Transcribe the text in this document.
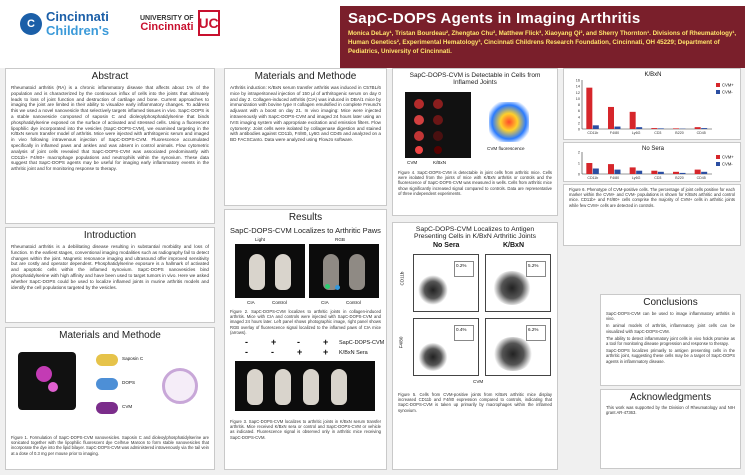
C Cincinnati
Children's
UNIVERSITY OF
Cincinnati UC	SapC-DOPS Agents in Imaging Arthritis
Monica DeLay¹, Tristan Bourdeau², Zhengtao Chu², Matthew Flick³, Xiaoyang Qi², and Sherry Thornton¹. Divisions of Rheumatology¹, Human Genetics², Experimental Hematology³, Cincinnati Childrens Research Foundation, Cincinnati, OH 45229; Department of Pediatrics, University of Cincinnati.
Abstract
Rheumatoid arthritis (RA) is a chronic inflammatory disease that affects about 1% of the population and is characterized by the continuous influx of cells into the joints that ultimately leads to loss of joint function and destruction of cartilage and bone. Current approaches to imaging the joint are limited in their ability to visualize early inflammatory changes. To address this we used a novel nanovesicle that selectively targets inflamed tissues in vivo. SapC-DOPS is a stable nanovesicle composed of saposin C and dioleoylphosphatidylserine that binds phosphatidylserine exposed on the surface of activated and stressed cells. Using a fluorescent lipophilic dye incorporated into the vesicles (SapC-DOPS-CVM), we examined targeting in the K/BxN serum transfer model of arthritis. Mice were injected with arthritogenic serum and imaged in vivo following intravenous injection of SapC-DOPS-CVM. Fluorescence accumulated specifically in inflamed paws and ankles and was absent in control animals. Flow cytometric analysis of joint cells revealed that SapC-DOPS-CVM was associated predominantly with CD11b+ F4/80+ macrophage populations and neutrophils within the synovium. These data suggest that SapC-DOPS agents may be useful for imaging early inflammatory events in the arthritic joint and for monitoring response to therapy.
Introduction
Rheumatoid arthritis is a debilitating disease resulting in substantial morbidity and loss of function. In the earliest stages, conventional imaging modalities such as radiography fail to detect changes within the joint. Magnetic resonance imaging and ultrasound offer improved sensitivity but are costly and operator dependent. Phosphatidylserine exposure is a hallmark of activated and apoptotic cells within the inflamed synovium. SapC-DOPS nanovesicles bind phosphatidylserine with high affinity and have been used to target tumors in vivo. Here we asked whether SapC-DOPS could be used to localize inflamed joints in murine arthritis models and identify the cell populations targeted by the vesicles.
Materials and Methode
Saposin C
DOPS
CVM
Figure 1. Formulation of SapC-DOPS-CVM nanovesicles. Saposin C and dioleoylphosphatidylserine are sonicated together with the lipophilic fluorescent dye CellVue Maroon to form stable nanovesicles that incorporate the dye into the lipid bilayer. SapC-DOPS-CVM was administered intravenously via the tail vein at a dose of 0.3 mg per mouse prior to imaging.
Materials and Methode
Arthritis induction: K/BxN serum transfer arthritis was induced in C57BL/6 mice by intraperitoneal injection of 150 µl of arthritogenic serum on day 0 and day 2. Collagen-induced arthritis (CIA) was induced in DBA/1 mice by immunization with bovine type II collagen emulsified in complete Freund's adjuvant with a boost on day 21. In vivo imaging: Mice were injected intravenously with SapC-DOPS-CVM and imaged 24 hours later using an IVIS imaging system with appropriate excitation and emission filters. Flow cytometry: Joint cells were isolated by collagenase digestion and stained with antibodies against CD11b, F4/80, Ly6G and CD45 and analyzed on a BD FACSCanto. Data were analyzed using FlowJo software.
Results
SapC-DOPS-CVM Localizes to Arthritic Paws
Light	RGB
CIA	Control	CIA	Control
Figure 2. SapC-DOPS-CVM localizes to arthritic joints in collagen-induced arthritis. Mice with CIA and controls were injected with SapC-DOPS-CVM and imaged 24 hours later. Left panel shows photographic image, right panel shows RGB overlay of fluorescence signal localized to the inflamed paws of CIA mice (arrows).
-	+ -	+ SapC-DOPS-CVM
-	-	+ + K/BxN Sera
Figure 3. SapC-DOPS-CVM localizes to arthritic joints in K/BxN serum transfer arthritis. Mice received K/BxN sera or control and SapC-DOPS-CVM or vehicle as indicated. Fluorescence signal is observed only in arthritic mice receiving SapC-DOPS-CVM.
SapC-DOPS-CVM is Detectable in Cells from Inflamed Joints
CVM fluorescence
CVM	K/BxN
Figure 4. SapC-DOPS-CVM is detectable in joint cells from arthritic mice. Cells were isolated from the joints of mice with K/BxN arthritis or controls and the fluorescence of SapC-DOPS-CVM was measured in wells. Cells from arthritic mice show significantly increased signal compared to controls. Data are representative of three independent experiments.
SapC-DOPS-CVM Localizes to Antigen Presenting Cells in K/BxN Arthritic Joints
No Sera	K/BxN
CD11b
F4/80
0.2%	5.2%
0.4%	6.2%
CVM
Figure 5. Cells from CVM-positive joints from K/BxN arthritic mice display increased CD11b and F4/80 expression compared to controls, indicating that SapC-DOPS-CVM is taken up primarily by macrophages within the inflamed synovium.
K/BxN
0
2
4
6
8
10
12
14
16
CD11b	F4/80	Ly6G	CD3	B220	CD45
CVM+
CVM-
No Sera
0
1
2
CD11b	F4/80	Ly6G	CD3	B220	CD45
CVM+
CVM-
Figure 6. Phenotype of CVM-positive cells. The percentage of joint cells positive for each marker within the CVM+ and CVM- populations is shown for K/BxN arthritic and control mice. CD11b+ and F4/80+ cells comprise the majority of CVM+ cells in arthritic joints while few CVM+ cells are detected in controls.
Conclusions
SapC-DOPS-CVM can be used to image inflammatory arthritis in vivo.
In animal models of arthritis, inflammatory joint cells can be visualized with SapC-DOPS-CVM.
The ability to detect inflammatory joint cells in vivo holds promise as a tool for monitoring disease progression and response to therapy.
SapC-DOPS localizes primarily to antigen presenting cells in the arthritic joint, suggesting these cells may be a target of SapC-DOPS agents in inflammatory disease.
Acknowledgments
This work was supported by the Division of Rheumatology and NIH grant AR-47363.
